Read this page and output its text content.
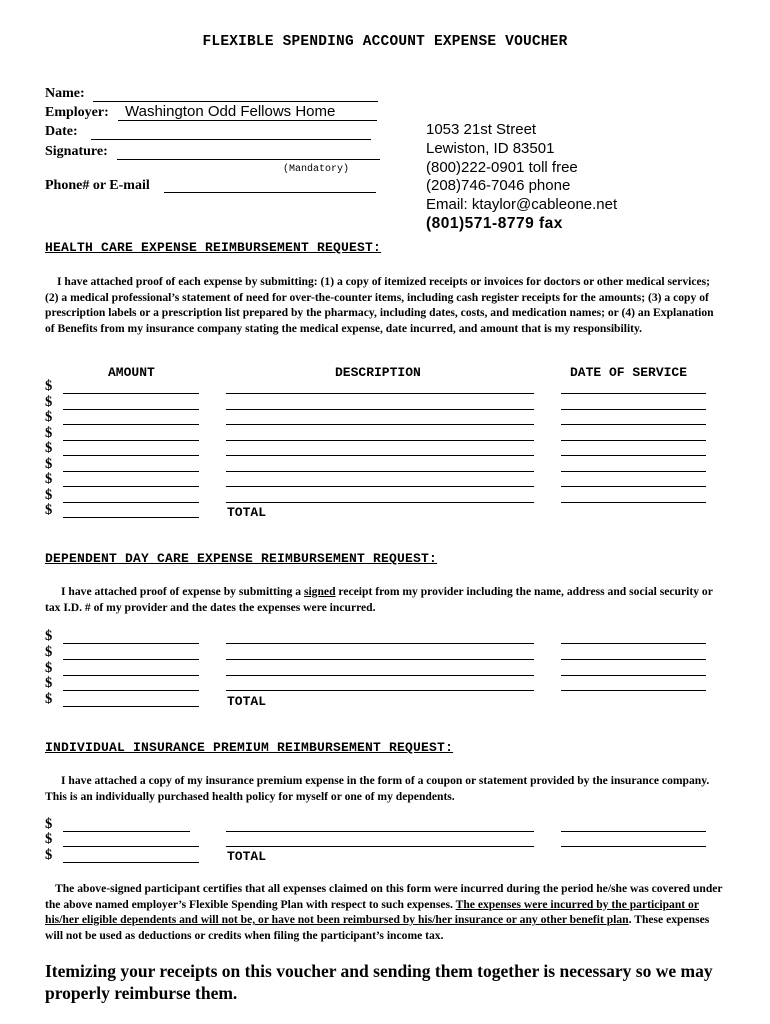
FLEXIBLE SPENDING ACCOUNT EXPENSE VOUCHER
Name:
Employer: Washington Odd Fellows Home
Date:
Signature:
(Mandatory)
Phone# or E-mail
1053 21st Street
Lewiston, ID 83501
(800)222-0901 toll free
(208)746-7046 phone
Email: ktaylor@cableone.net
(801)571-8779 fax
HEALTH CARE EXPENSE REIMBURSEMENT REQUEST:
I have attached proof of each expense by submitting: (1) a copy of itemized receipts or invoices for doctors or other medical services; (2) a medical professional’s statement of need for over-the-counter items, including cash register receipts for the amounts; (3) a copy of prescription labels or a prescription list prepared by the pharmacy, including dates, costs, and medication names; or (4) an Explanation of Benefits from my insurance company stating the medical expense, date incurred, and amount that is my responsibility.
AMOUNT	DESCRIPTION	DATE OF SERVICE
$
$
$
$
$
$
$
$
$	TOTAL
DEPENDENT DAY CARE EXPENSE REIMBURSEMENT REQUEST:
I have attached proof of expense by submitting a signed receipt from my provider including the name, address and social security or tax I.D. # of my provider and the dates the expenses were incurred.
$
$
$
$
$	TOTAL
INDIVIDUAL INSURANCE PREMIUM REIMBURSEMENT REQUEST:
I have attached a copy of my insurance premium expense in the form of a coupon or statement provided by the insurance company. This is an individually purchased health policy for myself or one of my dependents.
$
$
$	TOTAL
The above-signed participant certifies that all expenses claimed on this form were incurred during the period he/she was covered under the above named employer’s Flexible Spending Plan with respect to such expenses. The expenses were incurred by the participant or his/her eligible dependents and will not be, or have not been reimbursed by his/her insurance or any other benefit plan. These expenses will not be used as deductions or credits when filing the participant’s income tax.
Itemizing your receipts on this voucher and sending them together is necessary so we may properly reimburse them.
